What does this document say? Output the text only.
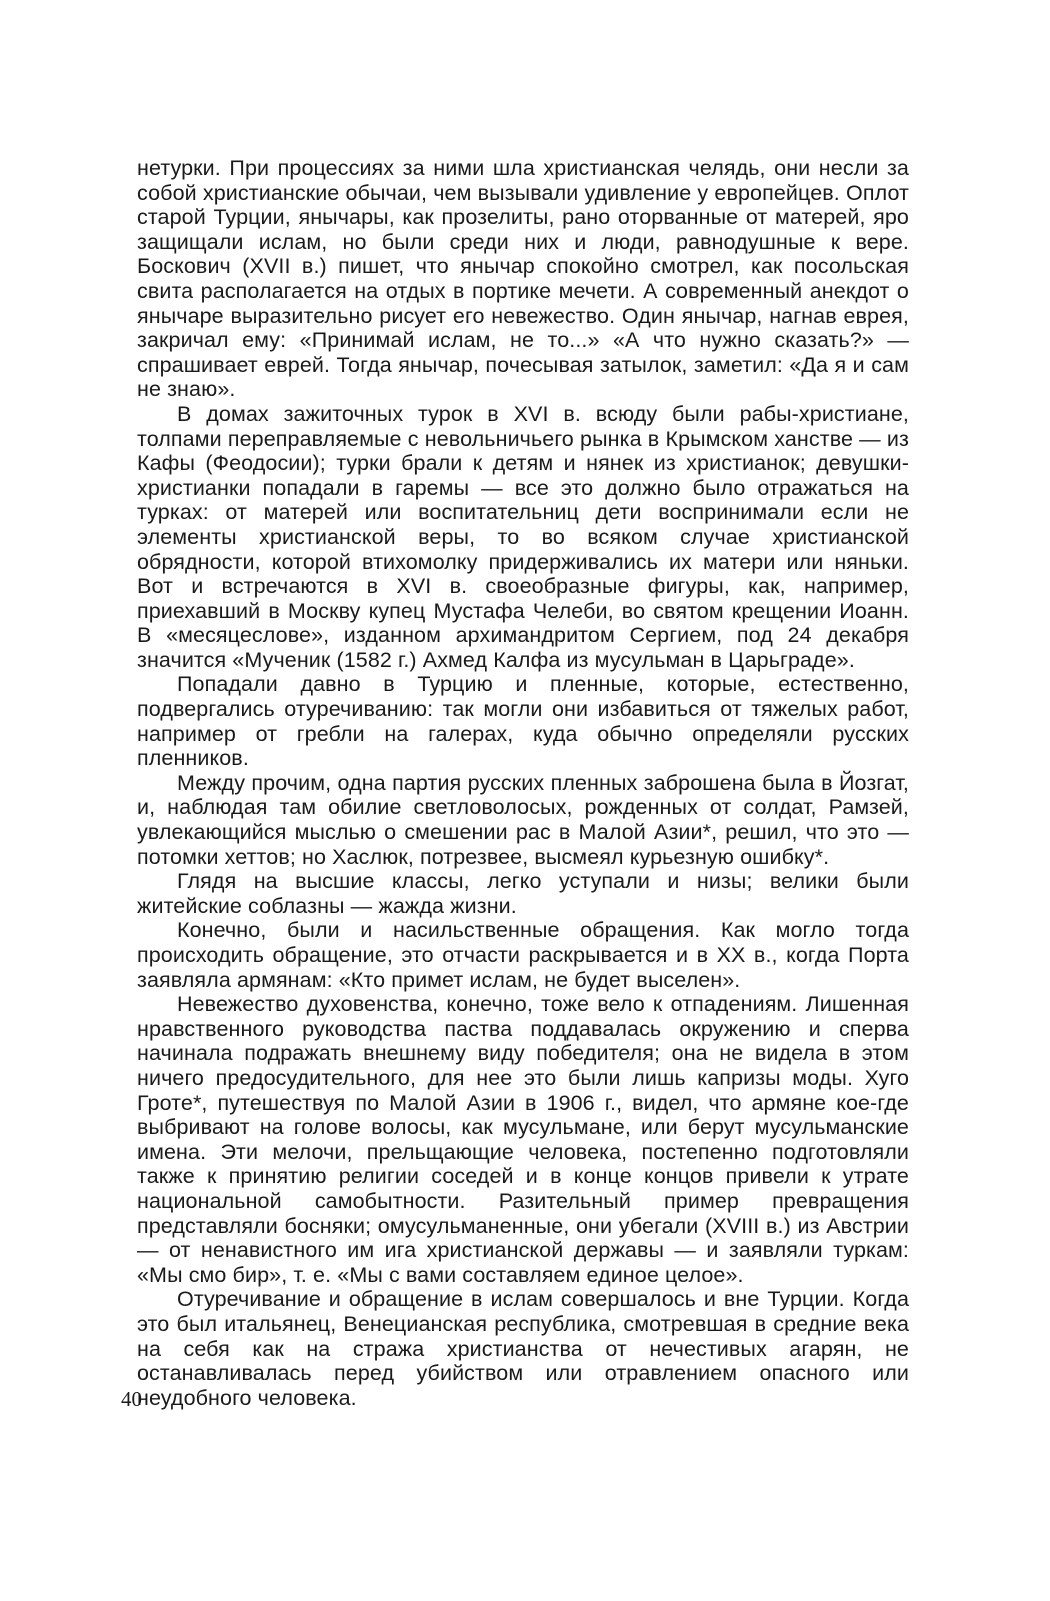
нетурки. При процессиях за ними шла христианская челядь, они несли за собой христианские обычаи, чем вызывали удивление у европейцев. Оплот старой Турции, янычары, как прозелиты, рано оторванные от матерей, яро защищали ислам, но были среди них и люди, равнодушные к вере. Боскович (XVII в.) пишет, что янычар спокойно смотрел, как посольская свита располагается на отдых в портике мечети. А современный анекдот о янычаре выразительно рисует его невежество. Один янычар, нагнав еврея, закричал ему: «Принимай ислам, не то...» «А что нужно сказать?» — спрашивает еврей. Тогда янычар, почесывая затылок, заметил: «Да я и сам не знаю».

В домах зажиточных турок в XVI в. всюду были рабы-христиане, толпами переправляемые с невольничьего рынка в Крымском ханстве — из Кафы (Феодосии); турки брали к детям и нянек из христианок; девушки-христианки попадали в гаремы — все это должно было отражаться на турках: от матерей или воспитательниц дети воспринимали если не элементы христианской веры, то во всяком случае христианской обрядности, которой втихомолку придерживались их матери или няньки. Вот и встречаются в XVI в. своеобразные фигуры, как, например, приехавший в Москву купец Мустафа Челеби, во святом крещении Иоанн. В «месяцеслове», изданном архимандритом Сергием, под 24 декабря значится «Мученик (1582 г.) Ахмед Калфа из мусульман в Царьграде».

Попадали давно в Турцию и пленные, которые, естественно, подвергались отуречиванию: так могли они избавиться от тяжелых работ, например от гребли на галерах, куда обычно определяли русских пленников.

Между прочим, одна партия русских пленных заброшена была в Йозгат, и, наблюдая там обилие светловолосых, рожденных от солдат, Рамзей, увлекающийся мыслью о смешении рас в Малой Азии*, решил, что это — потомки хеттов; но Хаслюк, потрезвее, высмеял курьезную ошибку*.

Глядя на высшие классы, легко уступали и низы; велики были житейские соблазны — жажда жизни.

Конечно, были и насильственные обращения. Как могло тогда происходить обращение, это отчасти раскрывается и в XX в., когда Порта заявляла армянам: «Кто примет ислам, не будет выселен».

Невежество духовенства, конечно, тоже вело к отпадениям. Лишенная нравственного руководства паства поддавалась окружению и сперва начинала подражать внешнему виду победителя; она не видела в этом ничего предосудительного, для нее это были лишь капризы моды. Хуго Гроте*, путешествуя по Малой Азии в 1906 г., видел, что армяне кое-где выбривают на голове волосы, как мусульмане, или берут мусульманские имена. Эти мелочи, прельщающие человека, постепенно подготовляли также к принятию религии соседей и в конце концов привели к утрате национальной самобытности. Разительный пример превращения представляли босняки; омусульманенные, они убегали (XVIII в.) из Австрии — от ненавистного им ига христианской державы — и заявляли туркам: «Мы смо бир», т. е. «Мы с вами составляем единое целое».

Отуречивание и обращение в ислам совершалось и вне Турции. Когда это был итальянец, Венецианская республика, смотревшая в средние века на себя как на стража христианства от нечестивых агарян, не останавливалась перед убийством или отравлением опасного или неудобного человека.

40
